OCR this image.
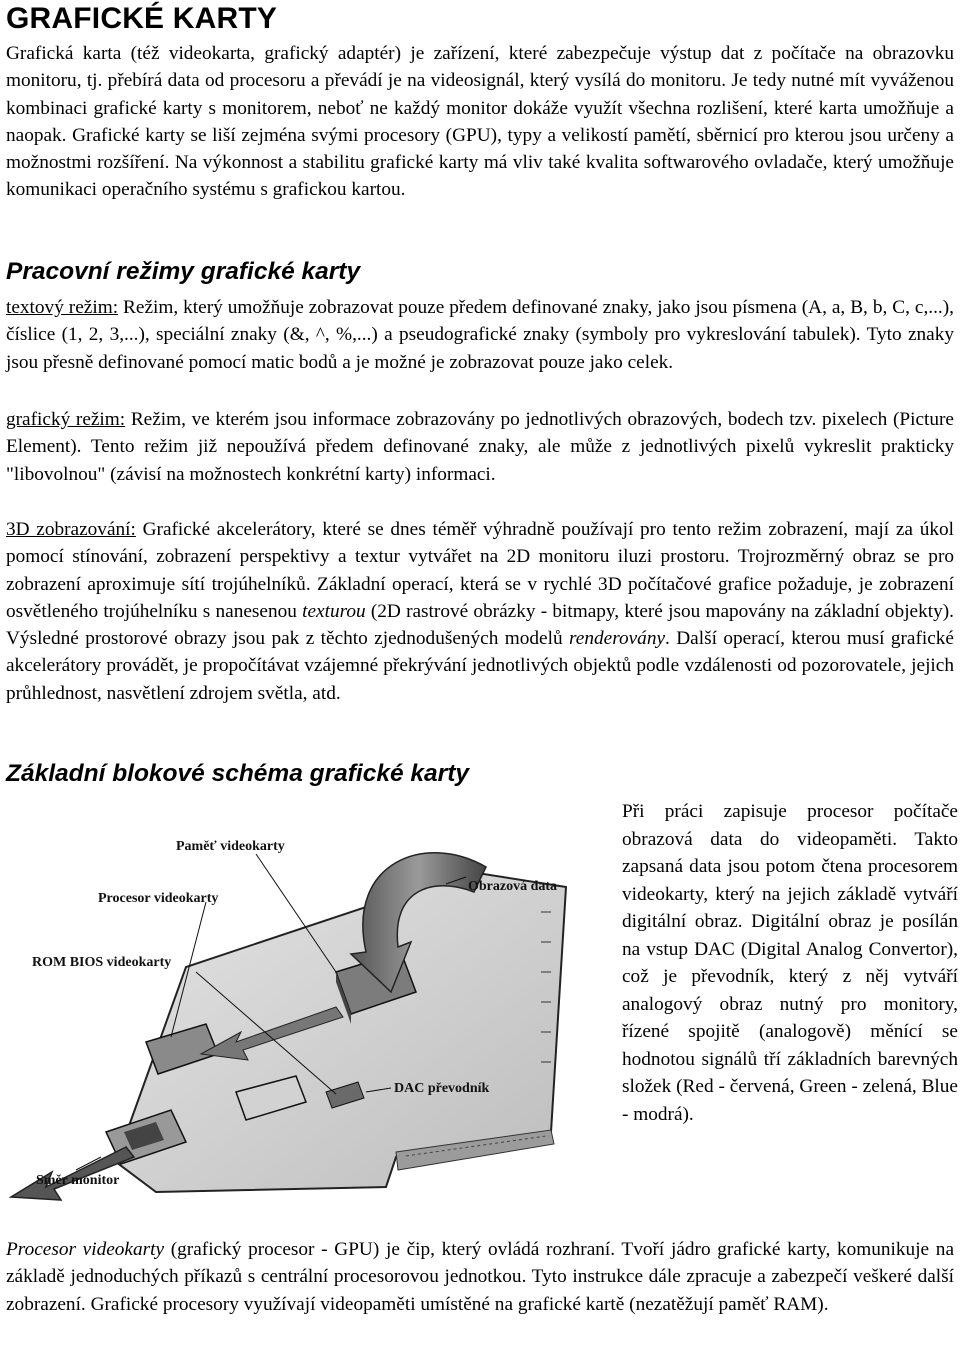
GRAFICKÉ KARTY

Grafická karta (též videokarta, grafický adaptér) je zařízení, které zabezpečuje výstup dat z počítače na obrazovku monitoru, tj. přebírá data od procesoru a převádí je na videosignál, který vysílá do monitoru. Je tedy nutné mít vyváženou kombinaci grafické karty s monitorem, neboť ne každý monitor dokáže využít všechna rozlišení, které karta umožňuje a naopak. Grafické karty se liší zejména svými procesory (GPU), typy a velikostí pamětí, sběrnicí pro kterou jsou určeny a možnostmi rozšíření. Na výkonnost a stabilitu grafické karty má vliv také kvalita softwarového ovladače, který umožňuje komunikaci operačního systému s grafickou kartou.

Pracovní režimy grafické karty

textový režim: Režim, který umožňuje zobrazovat pouze předem definované znaky, jako jsou písmena (A, a, B, b, C, c,...), číslice (1, 2, 3,...), speciální znaky (&, ^, %,...) a pseudografické znaky (symboly pro vykreslování tabulek). Tyto znaky jsou přesně definované pomocí matic bodů a je možné je zobrazovat pouze jako celek.

grafický režim: Režim, ve kterém jsou informace zobrazovány po jednotlivých obrazových, bodech tzv. pixelech (Picture Element). Tento režim již nepoužívá předem definované znaky, ale může z jednotlivých pixelů vykreslit prakticky "libovolnou" (závisí na možnostech konkrétní karty) informaci.

3D zobrazování: Grafické akcelerátory, které se dnes téměř výhradně používají pro tento režim zobrazení, mají za úkol pomocí stínování, zobrazení perspektivy a textur vytvářet na 2D monitoru iluzi prostoru. Trojrozměrný obraz se pro zobrazení aproximuje sítí trojúhelníků. Základní operací, která se v rychlé 3D počítačové grafice požaduje, je zobrazení osvětleného trojúhelníku s nanesenou texturou (2D rastrové obrázky - bitmapy, které jsou mapovány na základní objekty). Výsledné prostorové obrazy jsou pak z těchto zjednodušených modelů renderovány. Další operací, kterou musí grafické akcelerátory provádět, je propočítávat vzájemné překrývání jednotlivých objektů podle vzdálenosti od pozorovatele, jejich průhlednost, nasvětlení zdrojem světla, atd.

Základní blokové schéma grafické karty
Paměť videokarty
Procesor videokarty
Obrazová data
ROM BIOS videokarty
DAC převodník
Směr monitor

Při práci zapisuje procesor počítače obrazová data do videopaměti. Takto zapsaná data jsou potom čtena procesorem videokarty, který na jejich základě vytváří digitální obraz. Digitální obraz je posílán na vstup DAC (Digital Analog Convertor), což je převodník, který z něj vytváří analogový obraz nutný pro monitory, řízené spojitě (analogově) měnící se hodnotou signálů tří základních barevných složek (Red - červená, Green - zelená, Blue - modrá).

Procesor videokarty (grafický procesor - GPU) je čip, který ovládá rozhraní. Tvoří jádro grafické karty, komunikuje na základě jednoduchých příkazů s centrální procesorovou jednotkou. Tyto instrukce dále zpracuje a zabezpečí veškeré další zobrazení. Grafické procesory využívají videopaměti umístěné na grafické kartě (nezatěžují paměť RAM).
